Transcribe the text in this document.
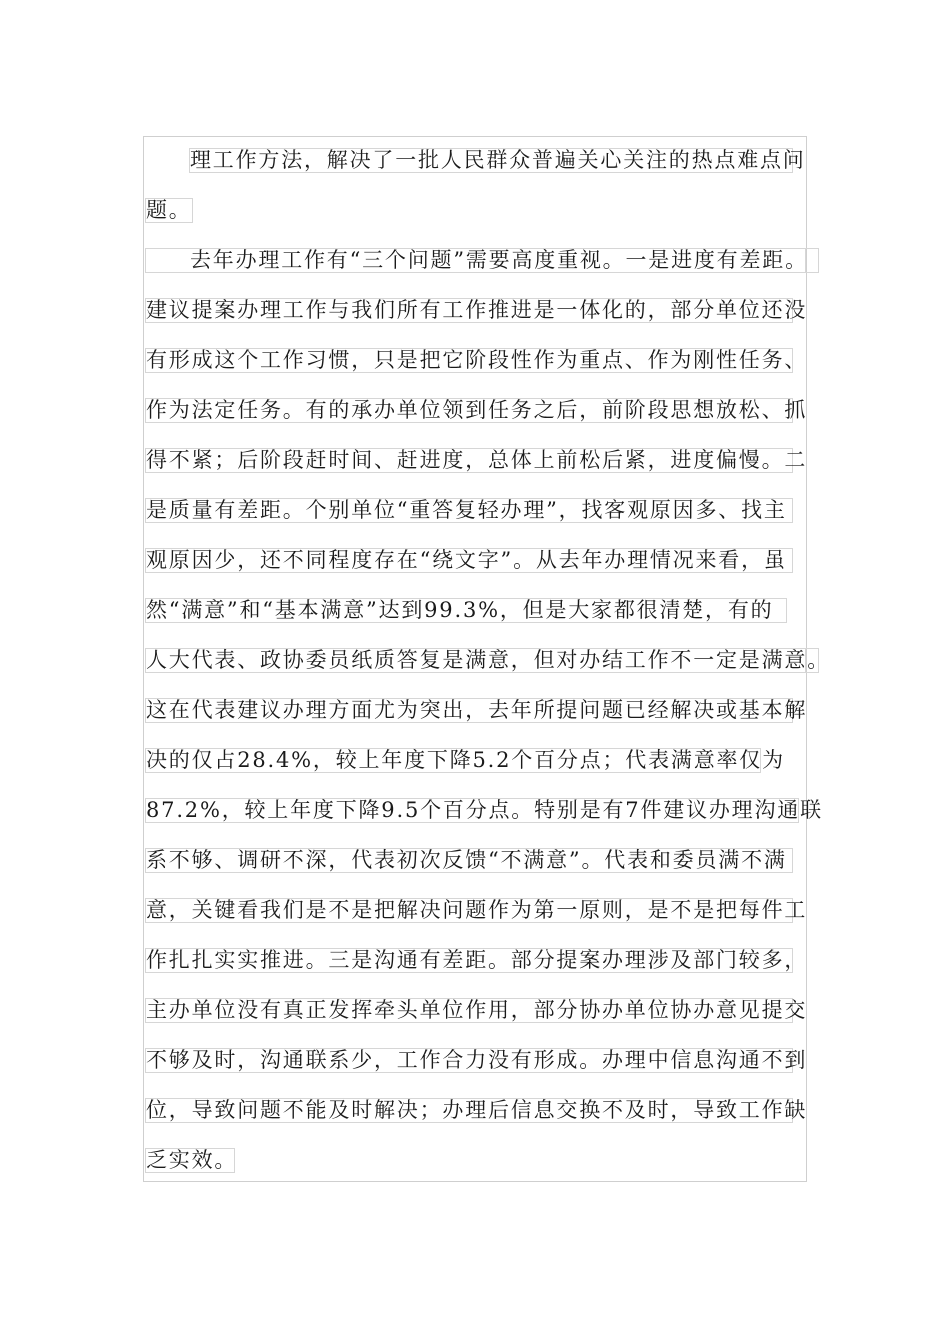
理工作方法，解决了一批人民群众普遍关心关注的热点难点问
题。
去年办理工作有“三个问题”需要高度重视。一是进度有差距。
建议提案办理工作与我们所有工作推进是一体化的，部分单位还没
有形成这个工作习惯，只是把它阶段性作为重点、作为刚性任务、
作为法定任务。有的承办单位领到任务之后，前阶段思想放松、抓
得不紧；后阶段赶时间、赶进度，总体上前松后紧，进度偏慢。二
是质量有差距。个别单位“重答复轻办理”，找客观原因多、找主
观原因少，还不同程度存在“绕文字”。从去年办理情况来看，虽
然“满意”和“基本满意”达到99.3%，但是大家都很清楚，有的
人大代表、政协委员纸质答复是满意，但对办结工作不一定是满意。
这在代表建议办理方面尤为突出，去年所提问题已经解决或基本解
决的仅占28.4%，较上年度下降5.2个百分点；代表满意率仅为
87.2%，较上年度下降9.5个百分点。特别是有7件建议办理沟通联
系不够、调研不深，代表初次反馈“不满意”。代表和委员满不满
意，关键看我们是不是把解决问题作为第一原则，是不是把每件工
作扎扎实实推进。三是沟通有差距。部分提案办理涉及部门较多，
主办单位没有真正发挥牵头单位作用，部分协办单位协办意见提交
不够及时，沟通联系少，工作合力没有形成。办理中信息沟通不到
位，导致问题不能及时解决；办理后信息交换不及时，导致工作缺
乏实效。
